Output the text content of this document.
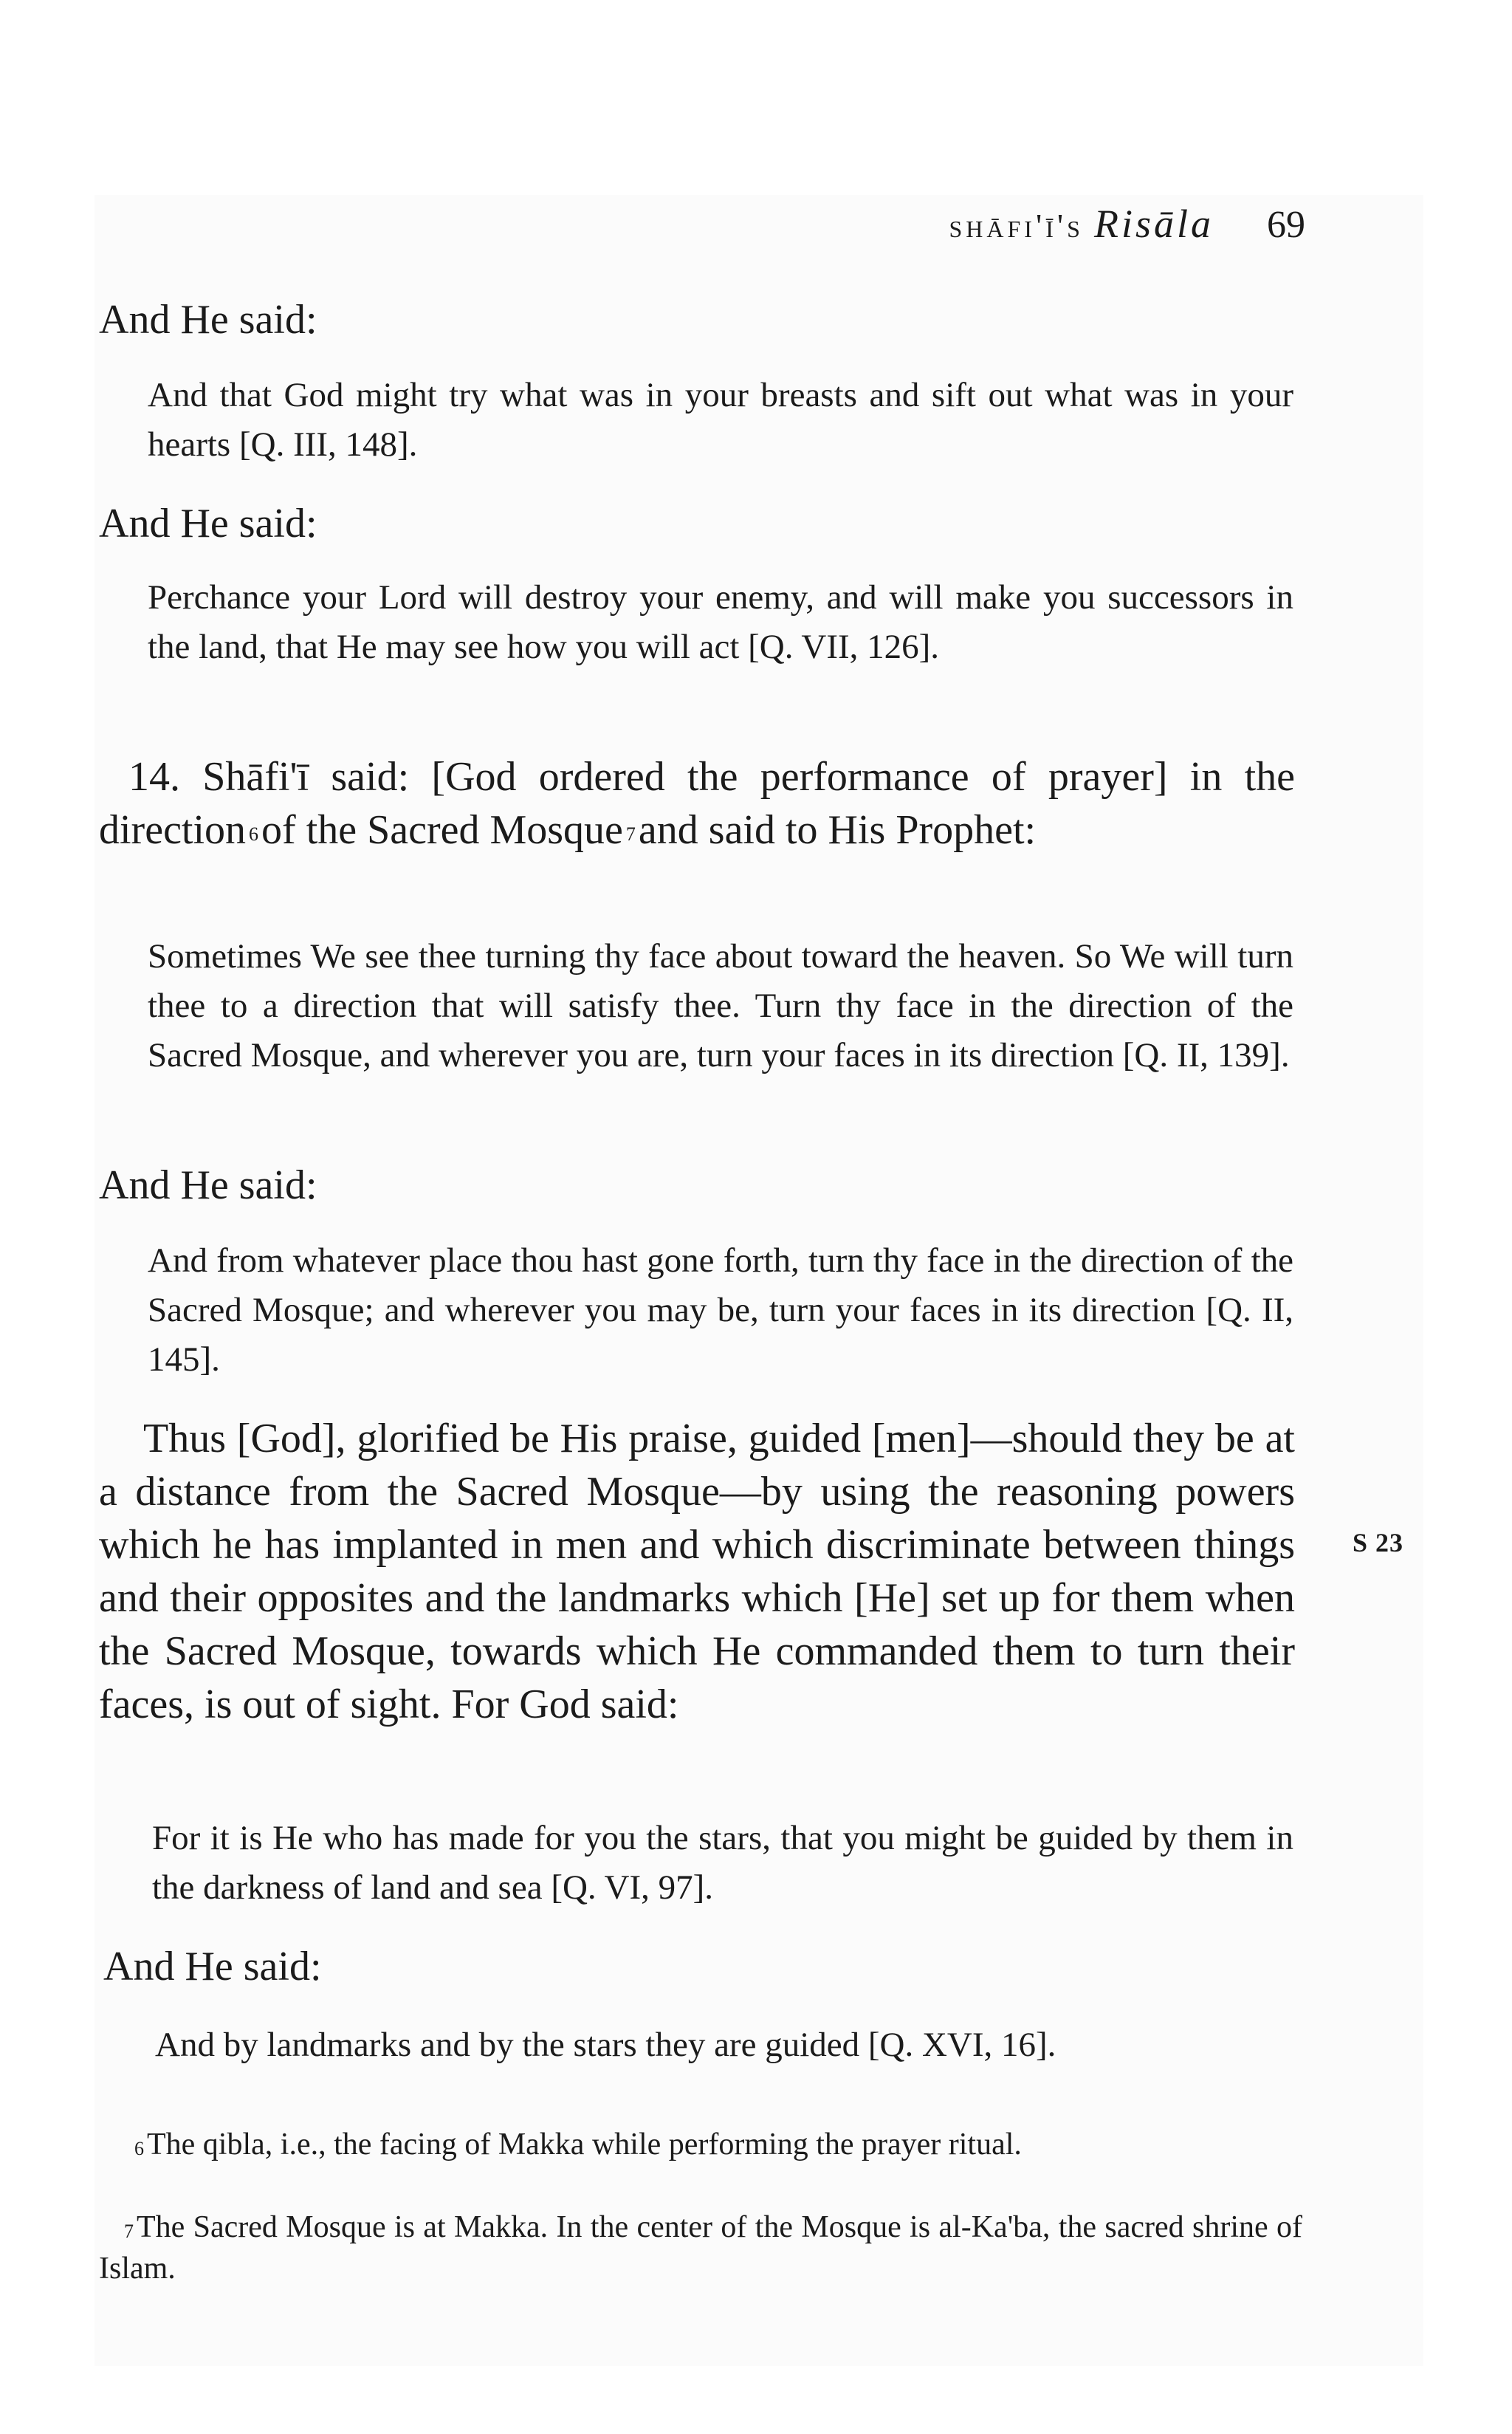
shāfi'ī's Risāla 69

And He said:

And that God might try what was in your breasts and sift out what was in your hearts [Q. III, 148].

And He said:

Perchance your Lord will destroy your enemy, and will make you successors in the land, that He may see how you will act [Q. VII, 126].

14. Shāfi'ī said: [God ordered the performance of prayer] in the direction $^6$of the Sacred Mosque $^7$and said to His Prophet:

Sometimes We see thee turning thy face about toward the heaven. So We will turn thee to a direction that will satisfy thee. Turn thy face in the direction of the Sacred Mosque, and wherever you are, turn your faces in its direction [Q. II, 139].

And He said:

And from whatever place thou hast gone forth, turn thy face in the direction of the Sacred Mosque; and wherever you may be, turn your faces in its direction [Q. II, 145].

Thus [God], glorified be His praise, guided [men]—should they be at a distance from the Sacred Mosque—by using the reasoning powers which he has implanted in men and which discriminate between things and their opposites and the landmarks which [He] set up for them when the Sacred Mosque, towards which He commanded them to turn their faces, is out of sight. For God said:

For it is He who has made for you the stars, that you might be guided by them in the darkness of land and sea [Q. VI, 97].

And He said:

And by landmarks and by the stars they are guided [Q. XVI, 16].

S 23

$^6$The qibla, i.e., the facing of Makka while performing the prayer ritual.

$^7$The Sacred Mosque is at Makka. In the center of the Mosque is al-Ka'ba, the sacred shrine of Islam.
